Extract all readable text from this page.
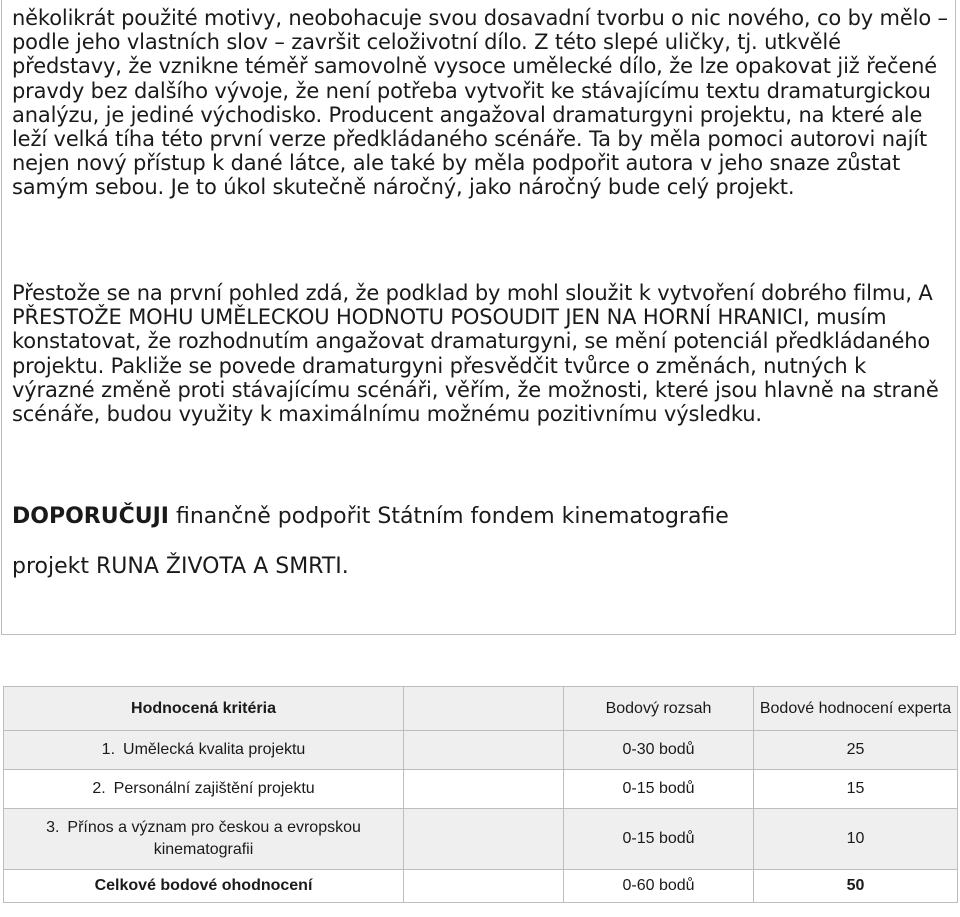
několikrát použité motivy, neobohacuje svou dosavadní tvorbu o nic nového, co by mělo – podle jeho vlastních slov – završit celoživotní dílo. Z této slepé uličky, tj. utkvělé představy, že vznikne téměř samovolně vysoce umělecké dílo, že lze opakovat již řečené pravdy bez dalšího vývoje, že není potřeba vytvořit ke stávajícímu textu dramaturgickou analýzu, je jediné východisko. Producent angažoval dramaturgyni projektu, na které ale leží velká tíha této první verze předkládaného scénáře. Ta by měla pomoci autorovi najít nejen nový přístup k dané látce, ale také by měla podpořit autora v jeho snaze zůstat samým sebou. Je to úkol skutečně náročný, jako náročný bude celý projekt.

Přestože se na první pohled zdá, že podklad by mohl sloužit k vytvoření dobrého filmu, A PŘESTOŽE MOHU UMĚLECKOU HODNOTU POSOUDIT JEN NA HORNÍ HRANICI, musím konstatovat, že rozhodnutím angažovat dramaturgyni, se mění potenciál předkládaného projektu. Pakliže se povede dramaturgyni přesvědčit tvůrce o změnách, nutných k výrazné změně proti stávajícímu scénáři, věřím, že možnosti, které jsou hlavně na straně scénáře, budou využity k maximálnímu možnému pozitivnímu výsledku.

DOPORUČUJI finančně podpořit Státním fondem kinematografie
projekt RUNA ŽIVOTA A SMRTI.
Hodnocená kritéria		Bodový rozsah	Bodové hodnocení experta
1. Umělecká kvalita projektu		0-30 bodů	25
2. Personální zajištění projektu		0-15 bodů	15
3. Přínos a význam pro českou a evropskou kinematografii		0-15 bodů	10
Celkové bodové ohodnocení		0-60 bodů	50
